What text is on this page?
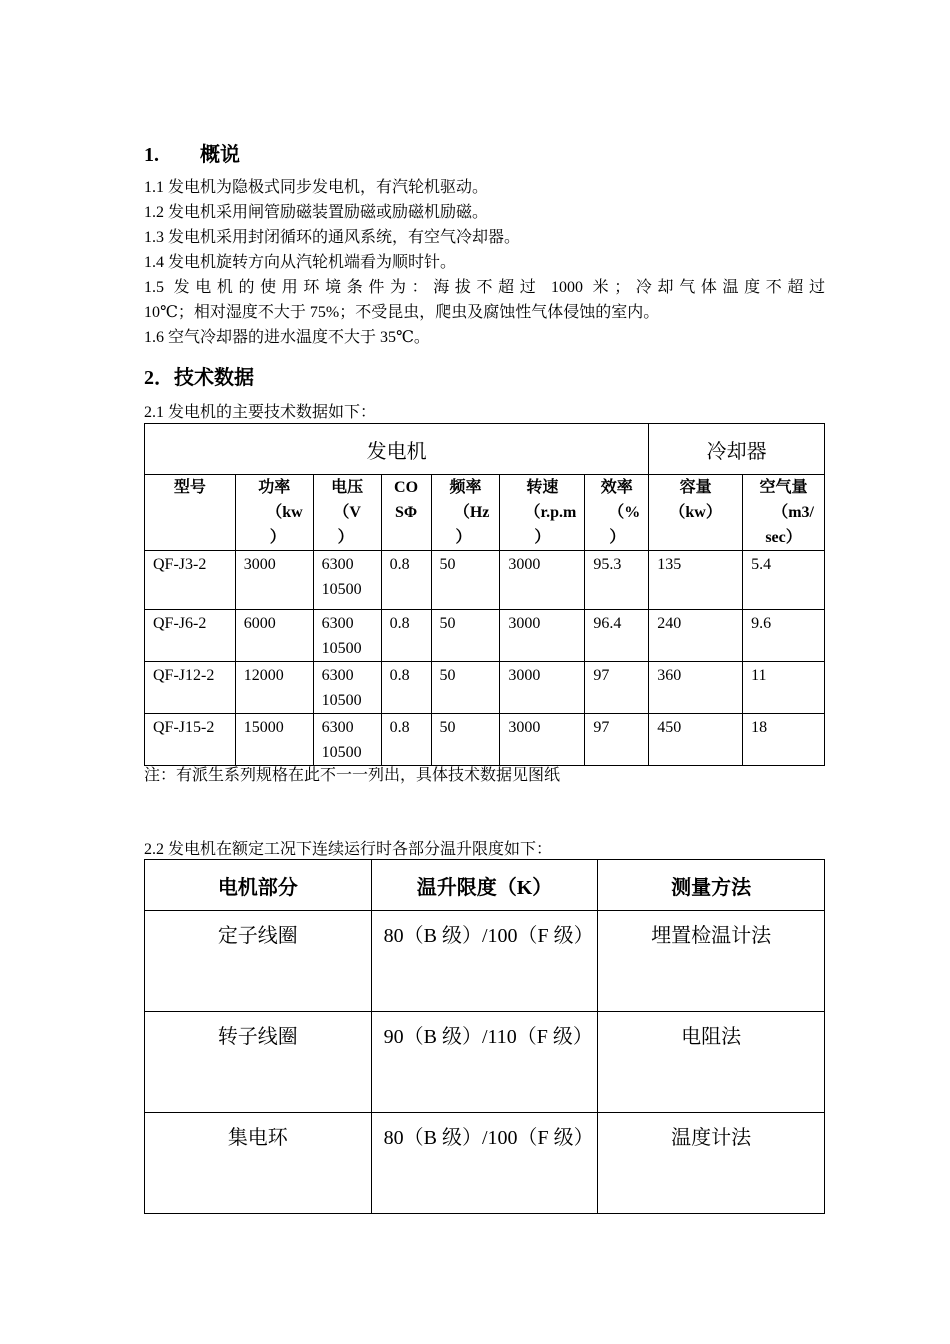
1. 概说
1.1 发电机为隐极式同步发电机，有汽轮机驱动。
1.2 发电机采用闸管励磁装置励磁或励磁机励磁。
1.3 发电机采用封闭循环的通风系统，有空气冷却器。
1.4 发电机旋转方向从汽轮机端看为顺时针。
1.5 发电机的使用环境条件为：海拔不超过 1000 米；冷却气体温度不超过
10℃；相对湿度不大于 75%；不受昆虫，爬虫及腐蚀性气体侵蚀的室内。
1.6 空气冷却器的进水温度不大于 35℃。
2．技术数据
2.1 发电机的主要技术数据如下：
发电机							冷却器	

型号	功率
（kw
）	电压
（V
）	CO
SΦ	频率
（Hz
）	转速
（r.p.m
）	效率
（%
）	容量
（kw）	空气量
（m3/
sec）

QF-J3-2	3000	6300
10500	0.8	50	3000	95.3	135	5.4
QF-J6-2	6000	6300
10500	0.8	50	3000	96.4	240	9.6
QF-J12-2	12000	6300
10500	0.8	50	3000	97	360	11
QF-J15-2	15000	6300
10500	0.8	50	3000	97	450	18
注：有派生系列规格在此不一一列出，具体技术数据见图纸
2.2 发电机在额定工况下连续运行时各部分温升限度如下：
电机部分	温升限度（K）	测量方法
定子线圈	80（B 级）/100（F 级）	埋置检温计法
转子线圈	90（B 级）/110（F 级）	电阻法
集电环	80（B 级）/100（F 级）	温度计法
